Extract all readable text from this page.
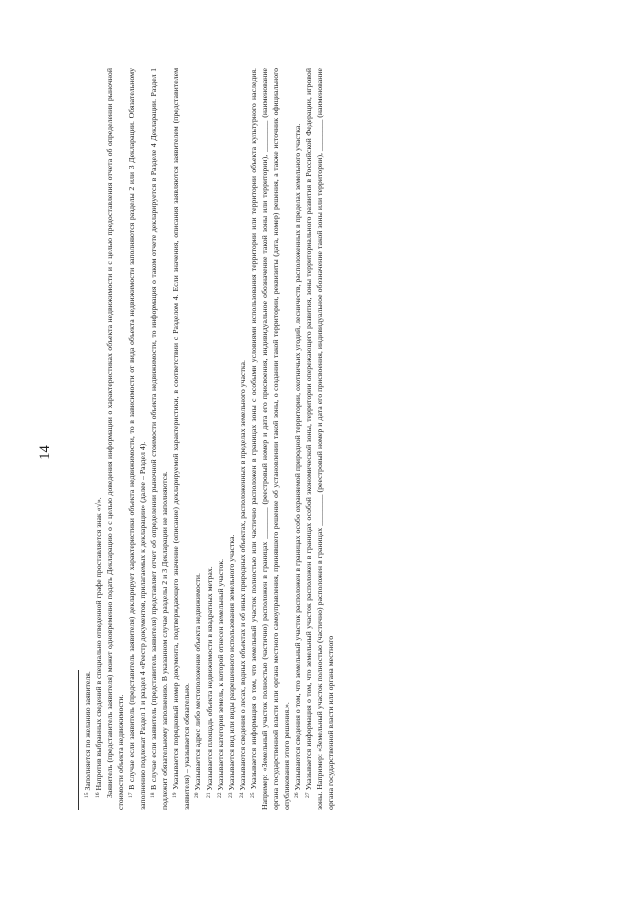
14

$^{15}$ Заполняется по желанию заявителя.

$^{16}$ Напротив выбранных сведений в специально отведенной графе проставляется знак «√». Заявитель (представитель заявителя) может одновременно подать Декларацию о с целью доведения информации о характеристиках объекта недвижимости и с целью предоставления отчета об определении рыночной стоимости объекта недвижимости. $^{17}$ В случае если заявитель (представитель заявителя) декларирует характеристики объекта недвижимости, то в зависимости от вида объекта недвижимости заполняются разделы 2 или 3 Декларации. Обязательному заполнению подлежат Раздел 1 и раздел 4 «Реестр документов, прилагаемых к декларации» (далее – Раздел 4). $^{18}$ В случае если заявитель (представитель заявителя) представляет отчет об определении рыночной стоимости объекта недвижимости, то информация о таком отчете декларируется в Разделе 4 Декларации. Раздел 1 подлежит обязательному заполнению. В указанном случае разделы 2 и 3 Декларации не заполняются. $^{19}$ Указывается порядковый номер документа, подтверждающего значение (описание) декларируемой характеристики, в соответствии с Разделом 4. Если значения, описания заявляются заявителем (представителем заявителя) – указывается обязательно. $^{20}$ Указывается адрес либо местоположение объекта недвижимости.

$^{21}$ Указывается площадь объекта недвижимости в квадратных метрах.

$^{22}$ Указывается категория земель, к которой отнесен земельный участок.

$^{23}$ Указывается вид или виды разрешенного использования земельного участка.

$^{24}$ Указываются сведения о лесах, водных объектах и об иных природных объектах, расположенных в пределах земельного участка.

$^{25}$ Указывается информация о том, что земельный участок полностью или частично расположен в границах зоны с особыми условиями использования территории или территории объекта культурного наследия. Например: «Земельный участок полностью (частично) расположен в границах ________ (реестровый номер и дата его присвоения, индивидуальное обозначение такой зоны или территории), ________ (наименование органа государственной власти или органа местного самоуправления, принявшего решение об установлении такой зоны, о создании такой территории, реквизиты (дата, номер) решения, а также источник официального опубликования этого решения.». $^{26}$ Указываются сведения о том, что земельный участок расположен в границах особо охраняемой природной территории, охотничьих угодий, лесничеств, расположенных в пределах земельного участка.

$^{27}$ Указывается информация о том, что земельный участок расположен в границах особой экономической зоны, территории опережающего развития, зоны территориального развития в Российской Федерации, игровой зоны. Например: «Земельный участок полностью (частично) расположен в границах ________ (реестровый номер и дата его присвоения, индивидуальное обозначение такой зоны или территории), ________ (наименование органа государственной власти или органа местного
